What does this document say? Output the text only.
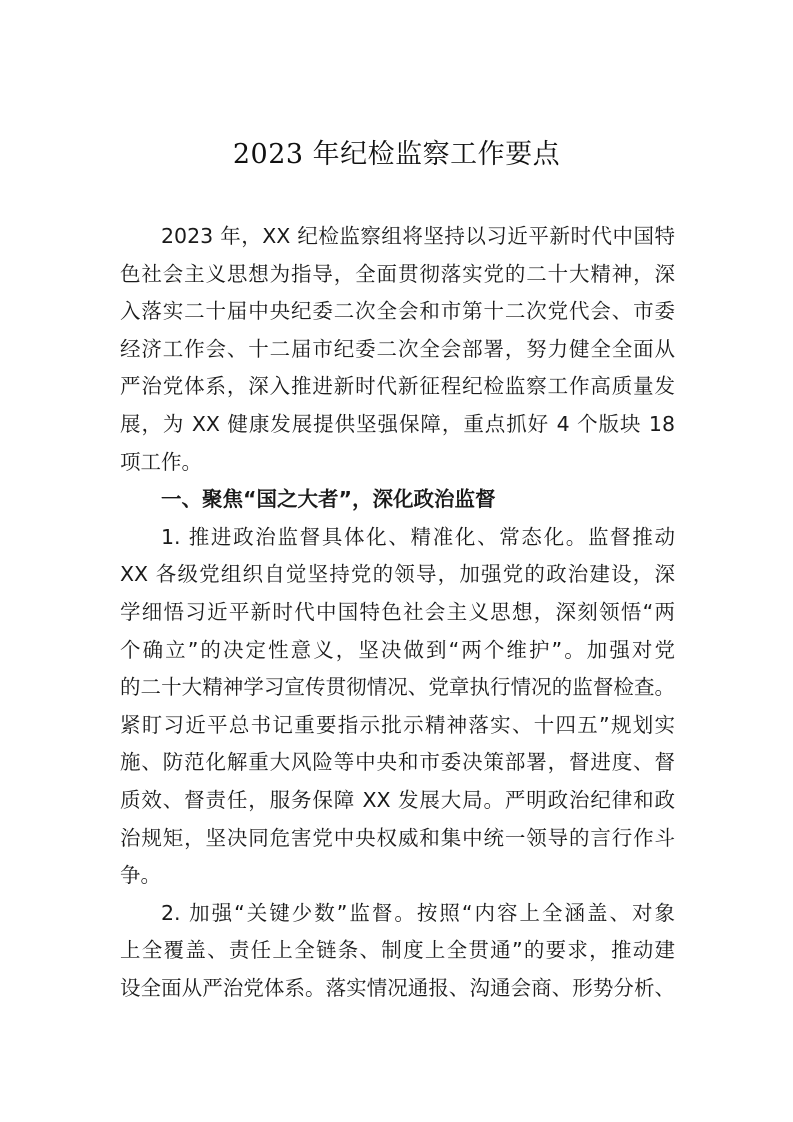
2023 年纪检监察工作要点
2023 年，XX 纪检监察组将坚持以习近平新时代中国特
色社会主义思想为指导，全面贯彻落实党的二十大精神，深
入落实二十届中央纪委二次全会和市第十二次党代会、市委
经济工作会、十二届市纪委二次全会部署，努力健全全面从
严治党体系，深入推进新时代新征程纪检监察工作高质量发
展，为 XX 健康发展提供坚强保障，重点抓好 4 个版块 18
项工作。
一、聚焦“国之大者”，深化政治监督
1. 推进政治监督具体化、精准化、常态化。监督推动
XX 各级党组织自觉坚持党的领导，加强党的政治建设，深
学细悟习近平新时代中国特色社会主义思想，深刻领悟“两
个确立”的决定性意义，坚决做到“两个维护”。加强对党
的二十大精神学习宣传贯彻情况、党章执行情况的监督检查。
紧盯习近平总书记重要指示批示精神落实、十四五”规划实
施、防范化解重大风险等中央和市委决策部署，督进度、督
质效、督责任，服务保障 XX 发展大局。严明政治纪律和政
治规矩，坚决同危害党中央权威和集中统一领导的言行作斗
争。
2. 加强“关键少数”监督。按照“内容上全涵盖、对象
上全覆盖、责任上全链条、制度上全贯通”的要求，推动建
设全面从严治党体系。落实情况通报、沟通会商、形势分析、
